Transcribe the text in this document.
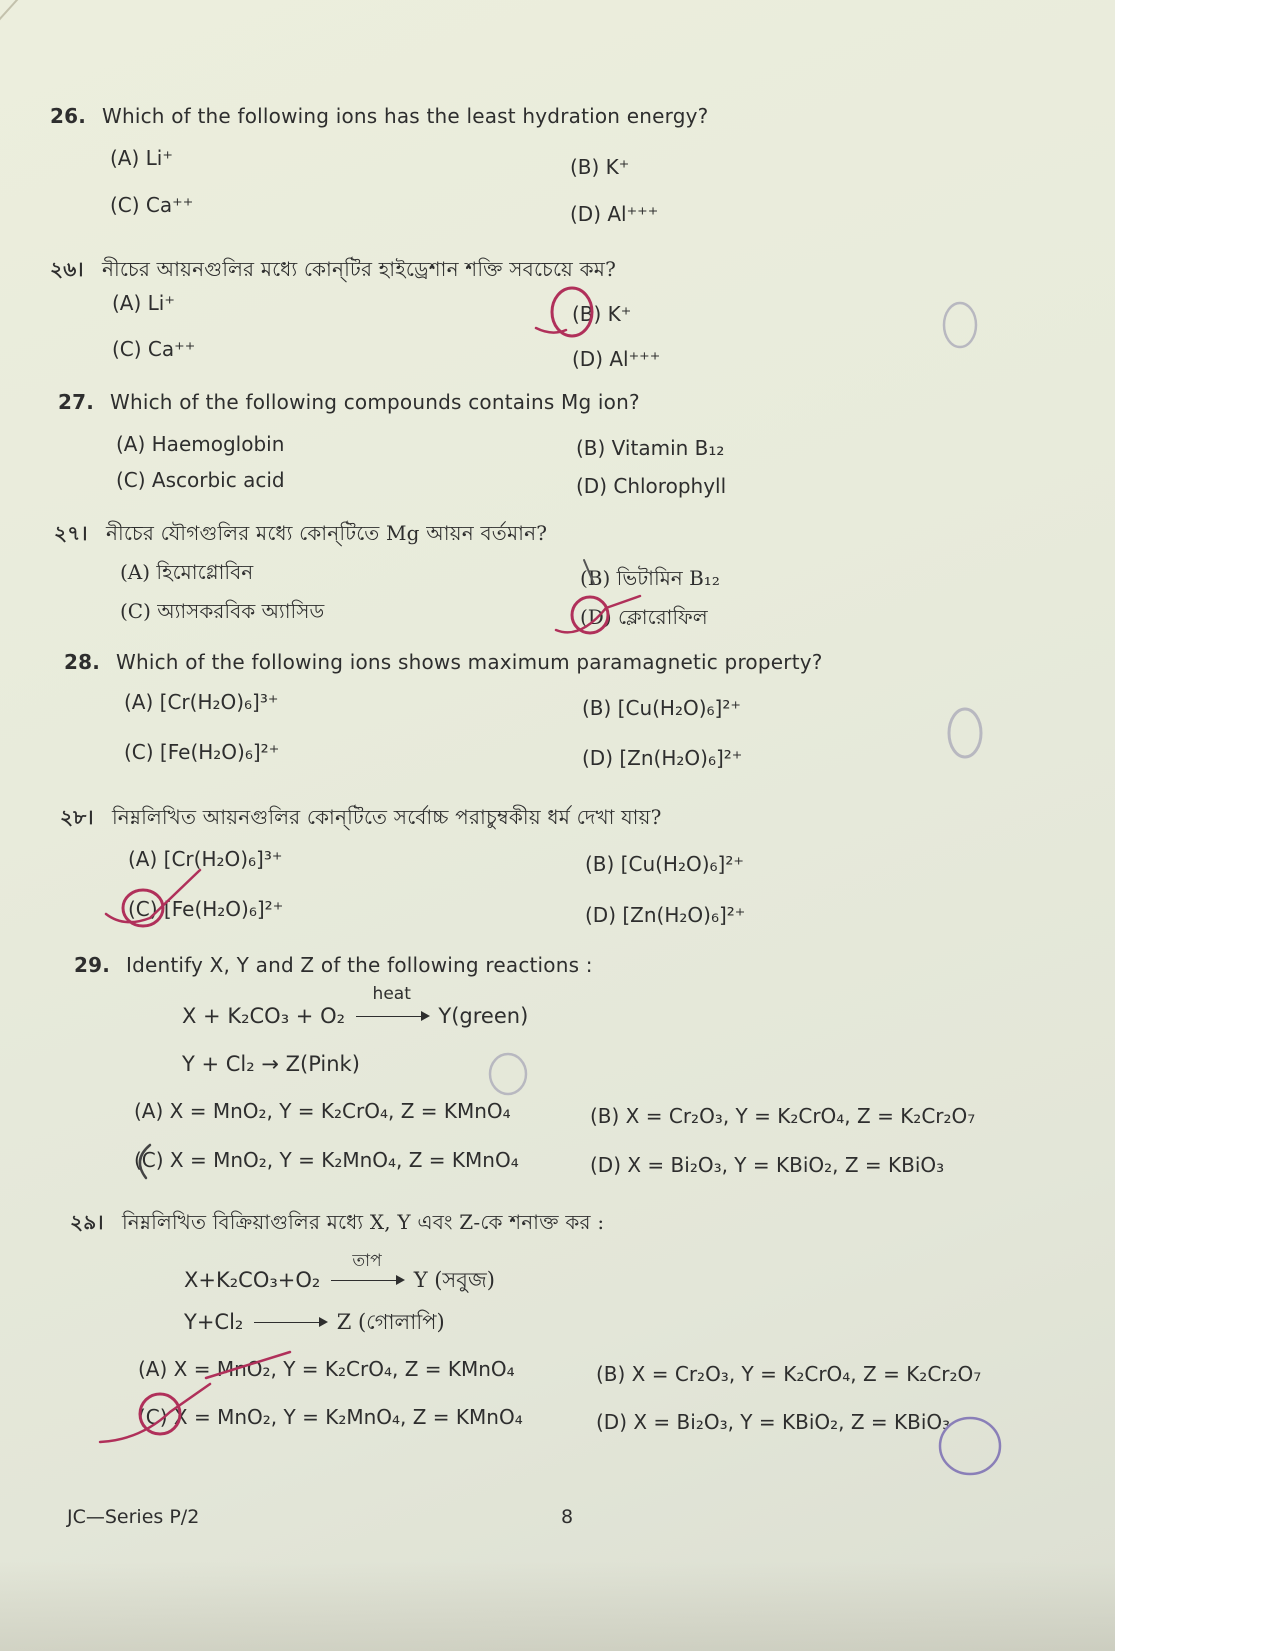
26. Which of the following ions has the least hydration energy?
(A) Li⁺	(B) K⁺
(C) Ca⁺⁺	(D) Al⁺⁺⁺
২৬। নীচের আয়নগুলির মধ্যে কোন্‌টির হাইড্রেশান শক্তি সবচেয়ে কম?
(A) Li⁺	(B) K⁺
(C) Ca⁺⁺	(D) Al⁺⁺⁺
27. Which of the following compounds contains Mg ion?
(A) Haemoglobin	(B) Vitamin B₁₂
(C) Ascorbic acid	(D) Chlorophyll
২৭। নীচের যৌগগুলির মধ্যে কোন্‌টিতে Mg আয়ন বর্তমান?
(A) হিমোগ্লোবিন	(B) ভিটামিন B₁₂
(C) অ্যাসকরবিক অ্যাসিড	(D) ক্লোরোফিল
28. Which of the following ions shows maximum paramagnetic property?
(A) [Cr(H₂O)₆]³⁺	(B) [Cu(H₂O)₆]²⁺
(C) [Fe(H₂O)₆]²⁺	(D) [Zn(H₂O)₆]²⁺
২৮। নিম্নলিখিত আয়নগুলির কোন্‌টিতে সর্বোচ্চ পরাচুম্বকীয় ধর্ম দেখা যায়?
(A) [Cr(H₂O)₆]³⁺	(B) [Cu(H₂O)₆]²⁺
(C) [Fe(H₂O)₆]²⁺	(D) [Zn(H₂O)₆]²⁺
29. Identify X, Y and Z of the following reactions :
X + K₂CO₃ + O₂
heat
Y(green)
Y + Cl₂ → Z(Pink)
(A) X = MnO₂, Y = K₂CrO₄, Z = KMnO₄	(B) X = Cr₂O₃, Y = K₂CrO₄, Z = K₂Cr₂O₇
(C) X = MnO₂, Y = K₂MnO₄, Z = KMnO₄	(D) X = Bi₂O₃, Y = KBiO₂, Z = KBiO₃
২৯। নিম্নলিখিত বিক্রিয়াগুলির মধ্যে X, Y এবং Z-কে শনাক্ত কর :
X+K₂CO₃+O₂
তাপ
Y (সবুজ)
Y+Cl₂ → Z (গোলাপি)
(A) X = MnO₂, Y = K₂CrO₄, Z = KMnO₄	(B) X = Cr₂O₃, Y = K₂CrO₄, Z = K₂Cr₂O₇
(C) X = MnO₂, Y = K₂MnO₄, Z = KMnO₄	(D) X = Bi₂O₃, Y = KBiO₂, Z = KBiO₃
JC—Series P/2	8
